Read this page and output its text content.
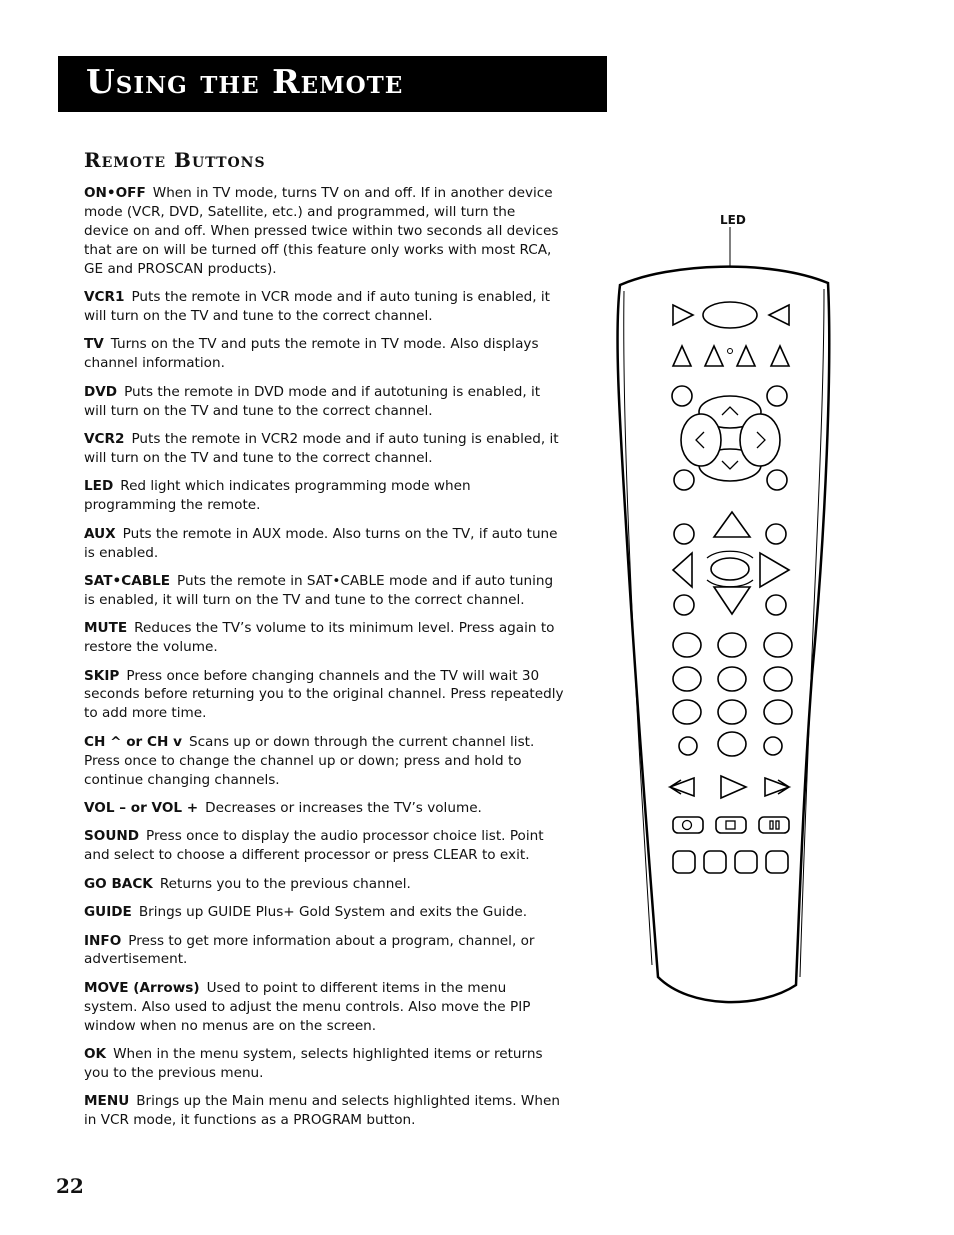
Using the Remote
Remote Buttons

ON•OFF When in TV mode, turns TV on and off. If in another device mode (VCR, DVD, Satellite, etc.) and programmed, will turn the device on and off. When pressed twice within two seconds all devices that are on will be turned off (this feature only works with most RCA, GE and PROSCAN products).

VCR1 Puts the remote in VCR mode and if auto tuning is enabled, it will turn on the TV and tune to the correct channel.

TV Turns on the TV and puts the remote in TV mode. Also displays channel information.

DVD Puts the remote in DVD mode and if autotuning is enabled, it will turn on the TV and tune to the correct channel.

VCR2 Puts the remote in VCR2 mode and if auto tuning is enabled, it will turn on the TV and tune to the correct channel.

LED Red light which indicates programming mode when programming the remote.

AUX Puts the remote in AUX mode. Also turns on the TV, if auto tune is enabled.

SAT•CABLE Puts the remote in SAT•CABLE mode and if auto tuning is enabled, it will turn on the TV and tune to the correct channel.

MUTE Reduces the TV’s volume to its minimum level. Press again to restore the volume.

SKIP Press once before changing channels and the TV will wait 30 seconds before returning you to the original channel. Press repeatedly to add more time.

CH ^ or CH v Scans up or down through the current channel list. Press once to change the channel up or down; press and hold to continue changing channels.

VOL – or VOL + Decreases or increases the TV’s volume.

SOUND Press once to display the audio processor choice list. Point and select to choose a different processor or press CLEAR to exit.

GO BACK Returns you to the previous channel.

GUIDE Brings up GUIDE Plus+ Gold System and exits the Guide.

INFO Press to get more information about a program, channel, or advertisement.

MOVE (Arrows) Used to point to different items in the menu system. Also used to adjust the menu controls. Also move the PIP window when no menus are on the screen.

OK When in the menu system, selects highlighted items or returns you to the previous menu.

MENU Brings up the Main menu and selects highlighted items. When in VCR mode, it functions as a PROGRAM button.

LED
22
